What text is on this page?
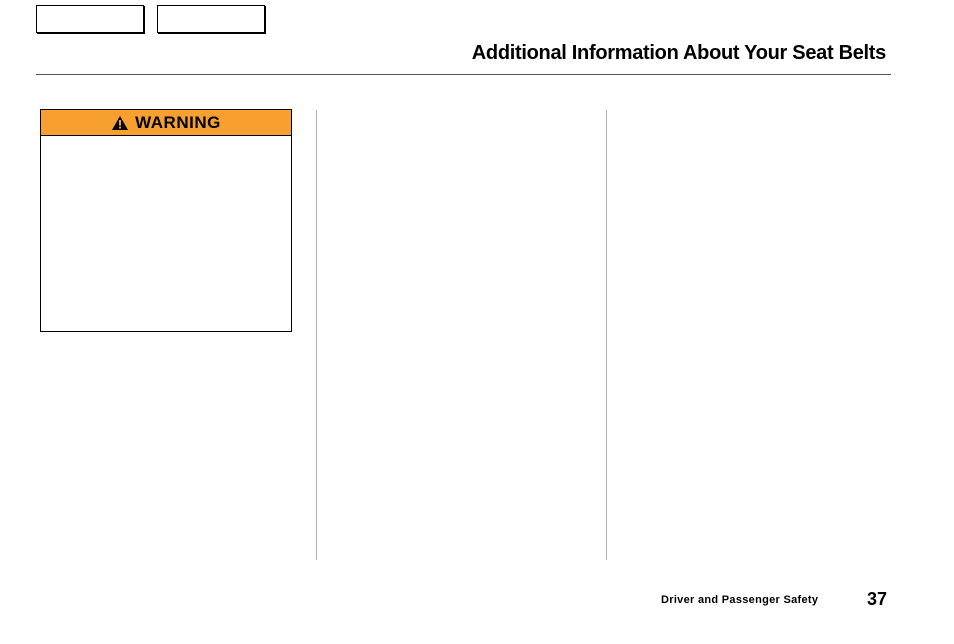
Additional Information About Your Seat Belts
WARNING
Driver and Passenger Safety	37
